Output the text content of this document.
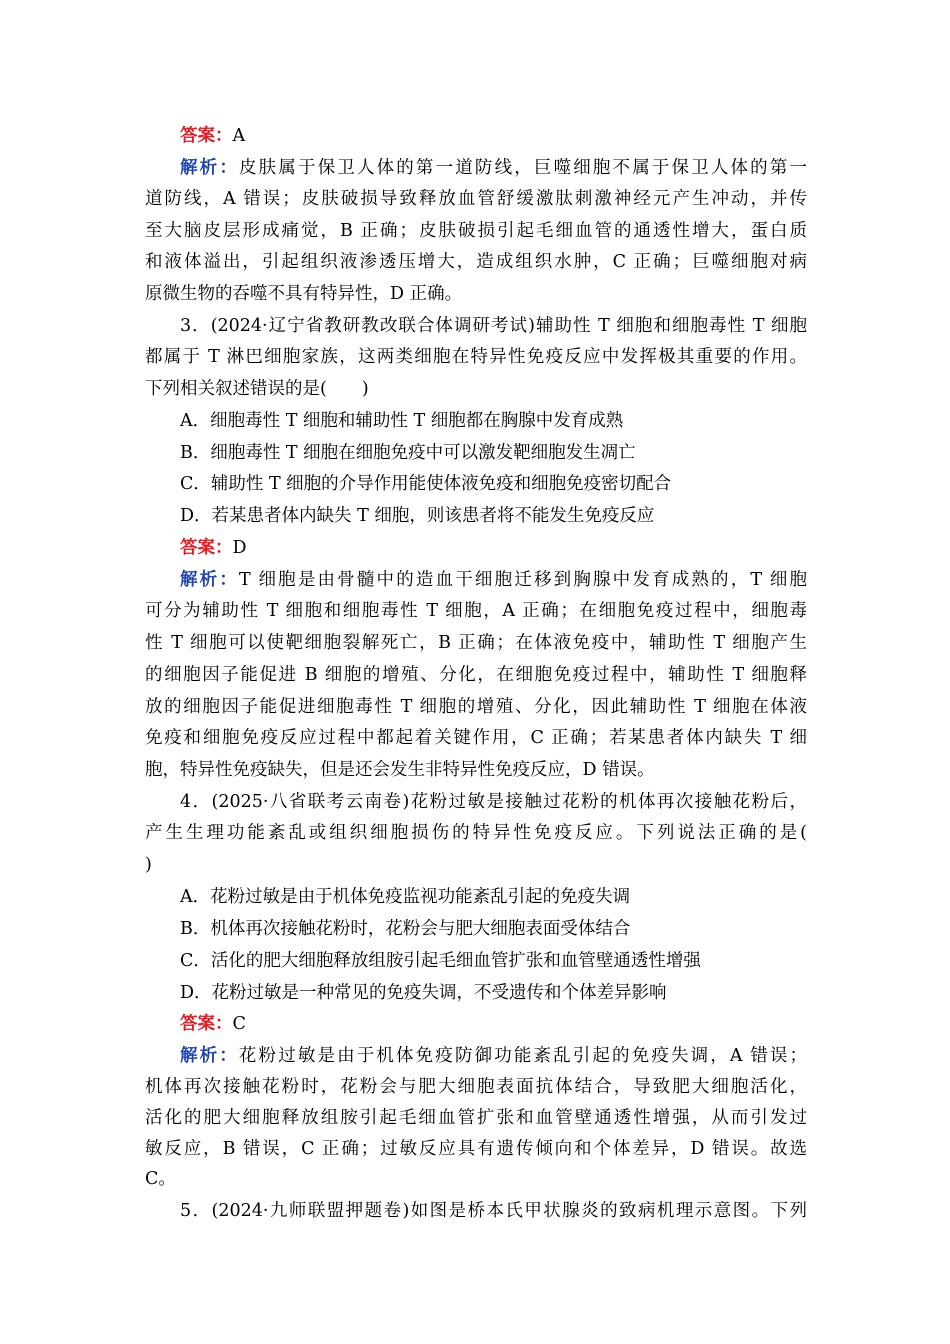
答案：A
解析：皮肤属于保卫人体的第一道防线，巨噬细胞不属于保卫人体的第一
道防线，A 错误；皮肤破损导致释放血管舒缓激肽刺激神经元产生冲动，并传
至大脑皮层形成痛觉，B 正确；皮肤破损引起毛细血管的通透性增大，蛋白质
和液体溢出，引起组织液渗透压增大，造成组织水肿，C 正确；巨噬细胞对病
原微生物的吞噬不具有特异性，D 正确。
3．(2024·辽宁省教研教改联合体调研考试)辅助性 T 细胞和细胞毒性 T 细胞
都属于 T 淋巴细胞家族，这两类细胞在特异性免疫反应中发挥极其重要的作用。
下列相关叙述错误的是(　　)
A．细胞毒性 T 细胞和辅助性 T 细胞都在胸腺中发育成熟
B．细胞毒性 T 细胞在细胞免疫中可以激发靶细胞发生凋亡
C．辅助性 T 细胞的介导作用能使体液免疫和细胞免疫密切配合
D．若某患者体内缺失 T 细胞，则该患者将不能发生免疫反应
答案：D
解析：T 细胞是由骨髓中的造血干细胞迁移到胸腺中发育成熟的，T 细胞
可分为辅助性 T 细胞和细胞毒性 T 细胞，A 正确；在细胞免疫过程中，细胞毒
性 T 细胞可以使靶细胞裂解死亡，B 正确；在体液免疫中，辅助性 T 细胞产生
的细胞因子能促进 B 细胞的增殖、分化，在细胞免疫过程中，辅助性 T 细胞释
放的细胞因子能促进细胞毒性 T 细胞的增殖、分化，因此辅助性 T 细胞在体液
免疫和细胞免疫反应过程中都起着关键作用，C 正确；若某患者体内缺失 T 细
胞，特异性免疫缺失，但是还会发生非特异性免疫反应，D 错误。
4．(2025·八省联考云南卷)花粉过敏是接触过花粉的机体再次接触花粉后，
产生生理功能紊乱或组织细胞损伤的特异性免疫反应。下列说法正确的是(
)
A．花粉过敏是由于机体免疫监视功能紊乱引起的免疫失调
B．机体再次接触花粉时，花粉会与肥大细胞表面受体结合
C．活化的肥大细胞释放组胺引起毛细血管扩张和血管壁通透性增强
D．花粉过敏是一种常见的免疫失调，不受遗传和个体差异影响
答案：C
解析：花粉过敏是由于机体免疫防御功能紊乱引起的免疫失调，A 错误；
机体再次接触花粉时，花粉会与肥大细胞表面抗体结合，导致肥大细胞活化，
活化的肥大细胞释放组胺引起毛细血管扩张和血管壁通透性增强，从而引发过
敏反应，B 错误，C 正确；过敏反应具有遗传倾向和个体差异，D 错误。故选
C。
5．(2024·九师联盟押题卷)如图是桥本氏甲状腺炎的致病机理示意图。下列
